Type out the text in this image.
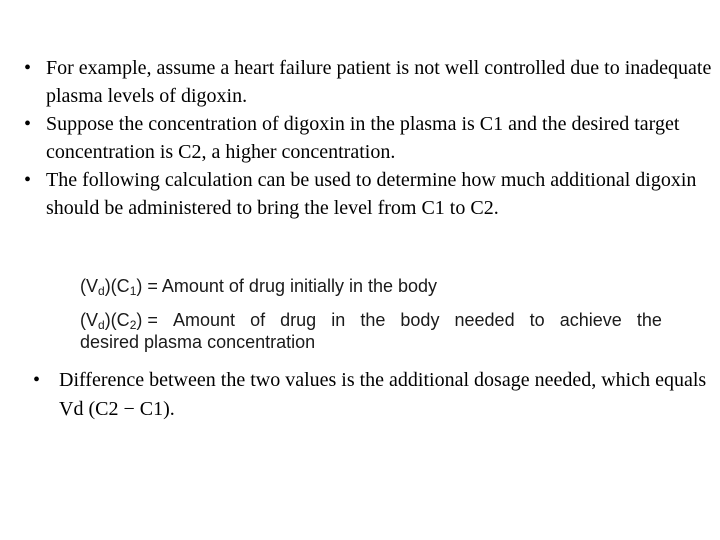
• For example, assume a heart failure patient is not well controlled due to inadequate plasma levels of digoxin.
• Suppose the concentration of digoxin in the plasma is C1 and the desired target concentration is C2, a higher concentration.
• The following calculation can be used to determine how much additional digoxin should be administered to bring the level from C1 to C2.
$(V_d)(C_1)$ = Amount of drug initially in the body
$(V_d)(C_2)$ = Amount of drug in the body needed to achieve the
desired plasma concentration
• Difference between the two values is the additional dosage needed, which equals Vd (C2 − C1).
